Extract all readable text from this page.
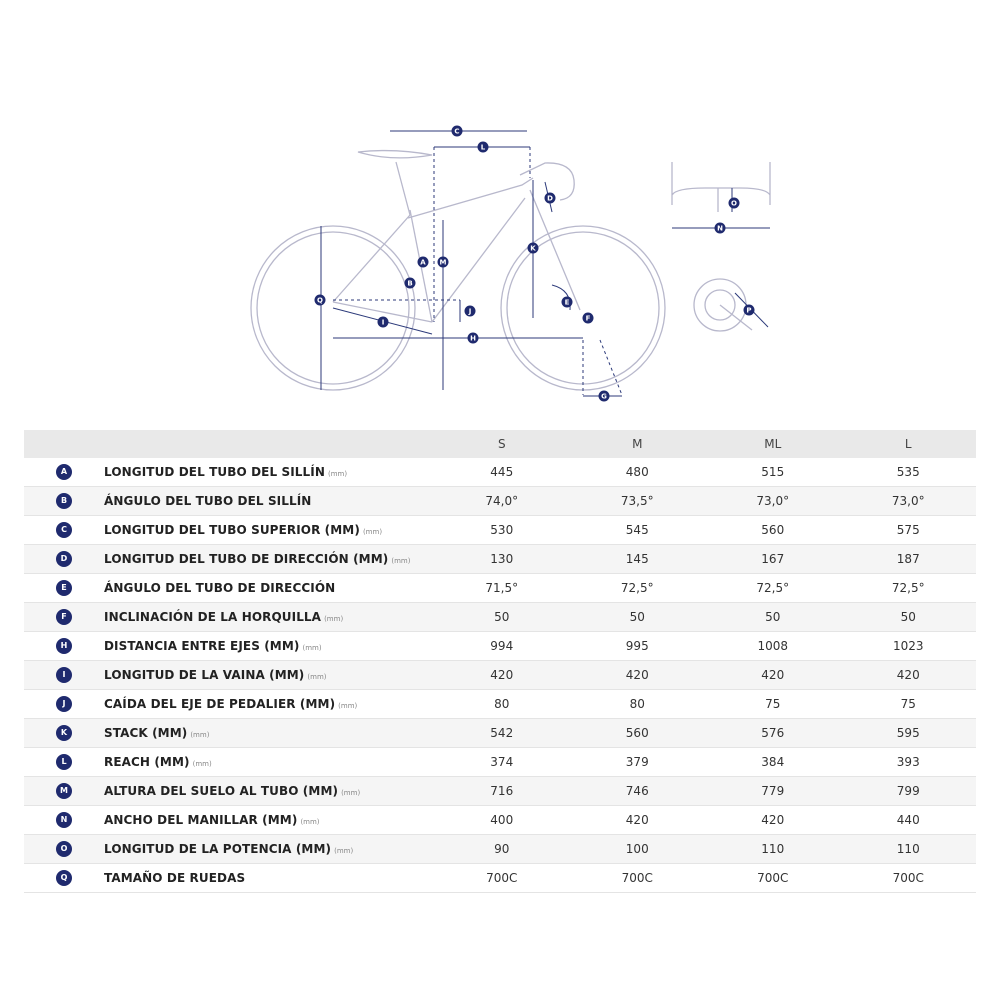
C
L
D
K
M
A
B
Q
J
E
F
I
H
G
O
N
P
		S	M	ML	L
A	LONGITUD DEL TUBO DEL SILLÍN (mm)	445	480	515	535
B	ÁNGULO DEL TUBO DEL SILLÍN	74,0°	73,5°	73,0°	73,0°
C	LONGITUD DEL TUBO SUPERIOR (MM) (mm)	530	545	560	575
D	LONGITUD DEL TUBO DE DIRECCIÓN (MM) (mm)	130	145	167	187
E	ÁNGULO DEL TUBO DE DIRECCIÓN	71,5°	72,5°	72,5°	72,5°
F	INCLINACIÓN DE LA HORQUILLA (mm)	50	50	50	50
H	DISTANCIA ENTRE EJES (MM) (mm)	994	995	1008	1023
I	LONGITUD DE LA VAINA (MM) (mm)	420	420	420	420
J	CAÍDA DEL EJE DE PEDALIER (MM) (mm)	80	80	75	75
K	STACK (MM) (mm)	542	560	576	595
L	REACH (MM) (mm)	374	379	384	393
M	ALTURA DEL SUELO AL TUBO (MM) (mm)	716	746	779	799
N	ANCHO DEL MANILLAR (MM) (mm)	400	420	420	440
O	LONGITUD DE LA POTENCIA (MM) (mm)	90	100	110	110
Q	TAMAÑO DE RUEDAS	700C	700C	700C	700C
